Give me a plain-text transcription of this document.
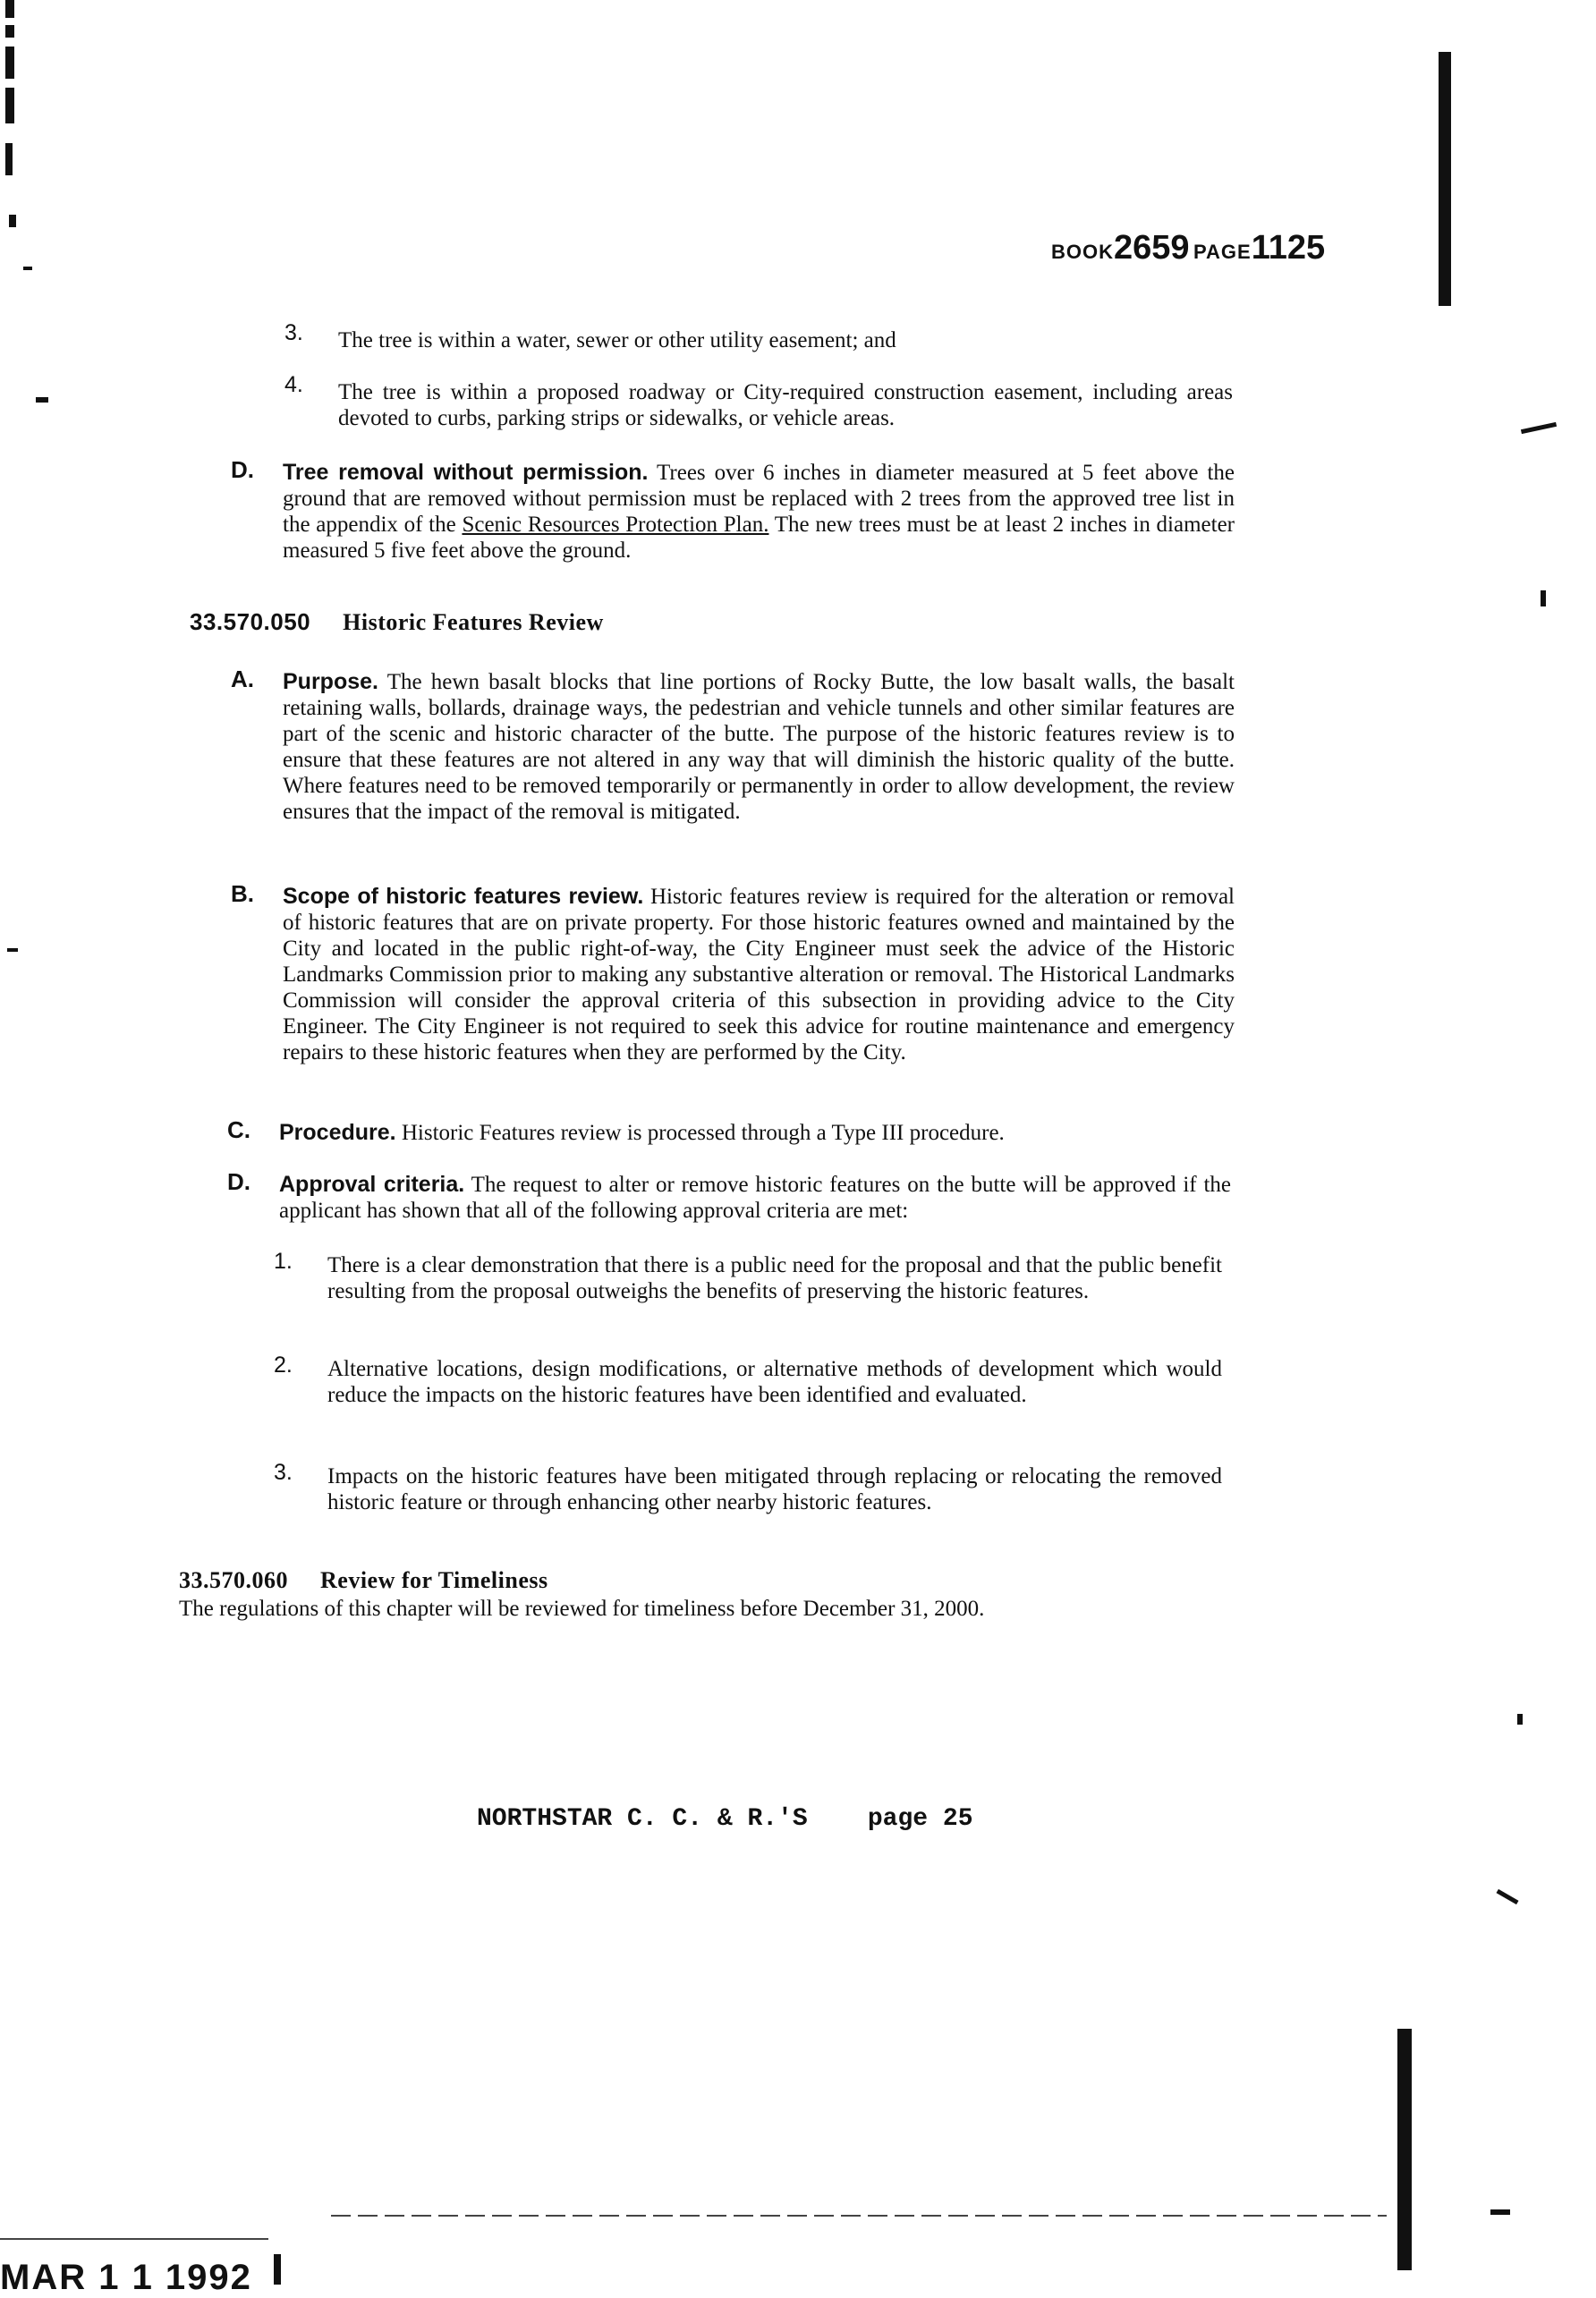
BOOK2659 PAGE1125
3. The tree is within a water, sewer or other utility easement; and
4. The tree is within a proposed roadway or City-required construction easement, including areas devoted to curbs, parking strips or sidewalks, or vehicle areas.
D. Tree removal without permission. Trees over 6 inches in diameter measured at 5 feet above the ground that are removed without permission must be replaced with 2 trees from the approved tree list in the appendix of the Scenic Resources Protection Plan. The new trees must be at least 2 inches in diameter measured 5 five feet above the ground.
33.570.050 Historic Features Review
A. Purpose. The hewn basalt blocks that line portions of Rocky Butte, the low basalt walls, the basalt retaining walls, bollards, drainage ways, the pedestrian and vehicle tunnels and other similar features are part of the scenic and historic character of the butte. The purpose of the historic features review is to ensure that these features are not altered in any way that will diminish the historic quality of the butte. Where features need to be removed temporarily or permanently in order to allow development, the review ensures that the impact of the removal is mitigated.
B. Scope of historic features review. Historic features review is required for the alteration or removal of historic features that are on private property. For those historic features owned and maintained by the City and located in the public right-of-way, the City Engineer must seek the advice of the Historic Landmarks Commission prior to making any substantive alteration or removal. The Historical Landmarks Commission will consider the approval criteria of this subsection in providing advice to the City Engineer. The City Engineer is not required to seek this advice for routine maintenance and emergency repairs to these historic features when they are performed by the City.
C. Procedure. Historic Features review is processed through a Type III procedure.
D. Approval criteria. The request to alter or remove historic features on the butte will be approved if the applicant has shown that all of the following approval criteria are met:
1. There is a clear demonstration that there is a public need for the proposal and that the public benefit resulting from the proposal outweighs the benefits of preserving the historic features.
2. Alternative locations, design modifications, or alternative methods of development which would reduce the impacts on the historic features have been identified and evaluated.
3. Impacts on the historic features have been mitigated through replacing or relocating the removed historic feature or through enhancing other nearby historic features.
33.570.060 Review for Timeliness
The regulations of this chapter will be reviewed for timeliness before December 31, 2000.
NORTHSTAR C. C. & R.'S    page 25
MAR 1 1 1992
